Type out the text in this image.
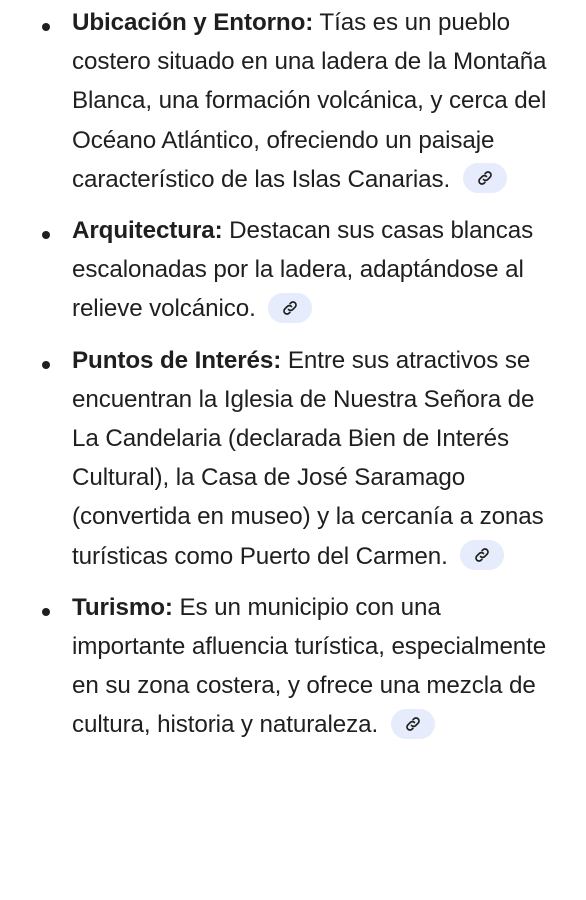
Ubicación y Entorno: Tías es un pueblo costero situado en una ladera de la Montaña Blanca, una formación volcánica, y cerca del Océano Atlántico, ofreciendo un paisaje característico de las Islas Canarias.
Arquitectura: Destacan sus casas blancas escalonadas por la ladera, adaptándose al relieve volcánico.
Puntos de Interés: Entre sus atractivos se encuentran la Iglesia de Nuestra Señora de La Candelaria (declarada Bien de Interés Cultural), la Casa de José Saramago (convertida en museo) y la cercanía a zonas turísticas como Puerto del Carmen.
Turismo: Es un municipio con una importante afluencia turística, especialmente en su zona costera, y ofrece una mezcla de cultura, historia y naturaleza.
